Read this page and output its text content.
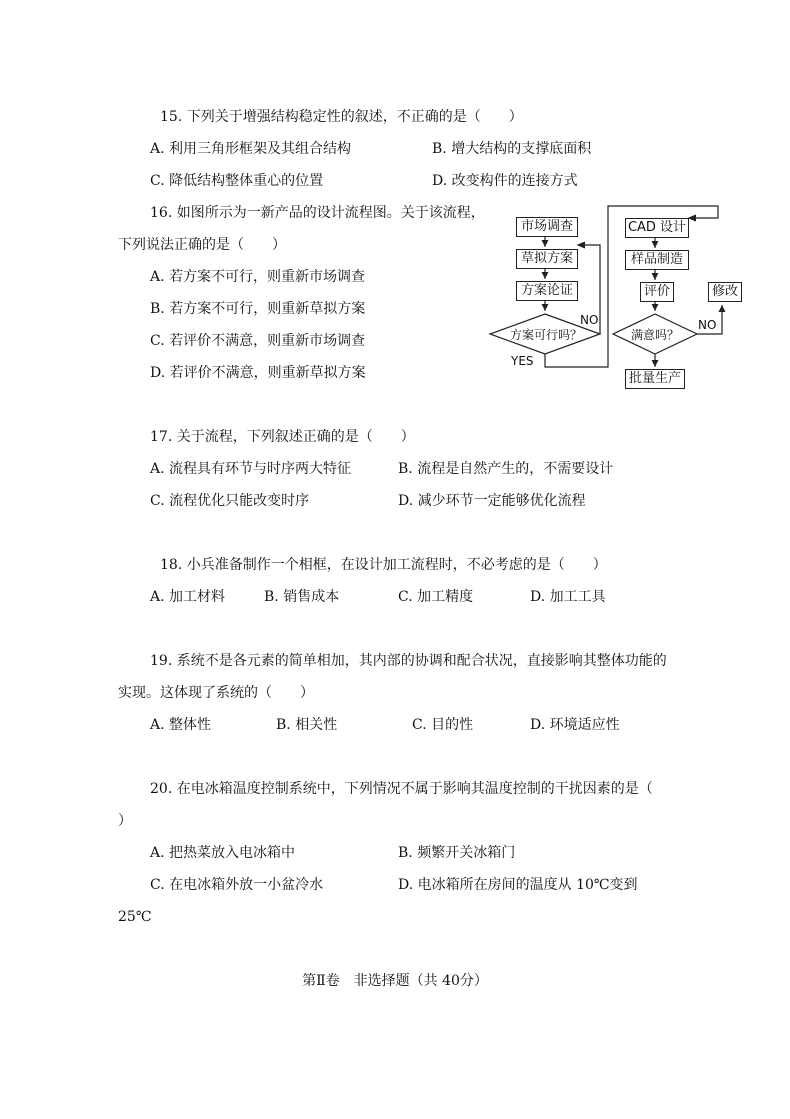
15. 下列关于增强结构稳定性的叙述，不正确的是（　　）
A. 利用三角形框架及其组合结构	B. 增大结构的支撑底面积
C. 降低结构整体重心的位置	D. 改变构件的连接方式
16. 如图所示为一新产品的设计流程图。关于该流程，
下列说法正确的是（　　）
A. 若方案不可行，则重新市场调查
B. 若方案不可行，则重新草拟方案
C. 若评价不满意，则重新市场调查
D. 若评价不满意，则重新草拟方案
市场调查
草拟方案
方案论证
方案可行吗？
NO
YES
CAD 设计
样品制造
评价
满意吗？
NO
修改
批量生产
17. 关于流程，下列叙述正确的是（　　）
A. 流程具有环节与时序两大特征	B. 流程是自然产生的，不需要设计
C. 流程优化只能改变时序	D. 减少环节一定能够优化流程
18. 小兵准备制作一个相框，在设计加工流程时，不必考虑的是（　　）
A. 加工材料	B. 销售成本	C. 加工精度	D. 加工工具
19. 系统不是各元素的简单相加，其内部的协调和配合状况，直接影响其整体功能的
实现。这体现了系统的（　　）
A. 整体性	B. 相关性	C. 目的性	D. 环境适应性
20. 在电冰箱温度控制系统中，下列情况不属于影响其温度控制的干扰因素的是（
）
A. 把热菜放入电冰箱中	B. 频繁开关冰箱门
C. 在电冰箱外放一小盆冷水	D. 电冰箱所在房间的温度从 10℃变到
25℃
第Ⅱ卷　非选择题（共 40分）
